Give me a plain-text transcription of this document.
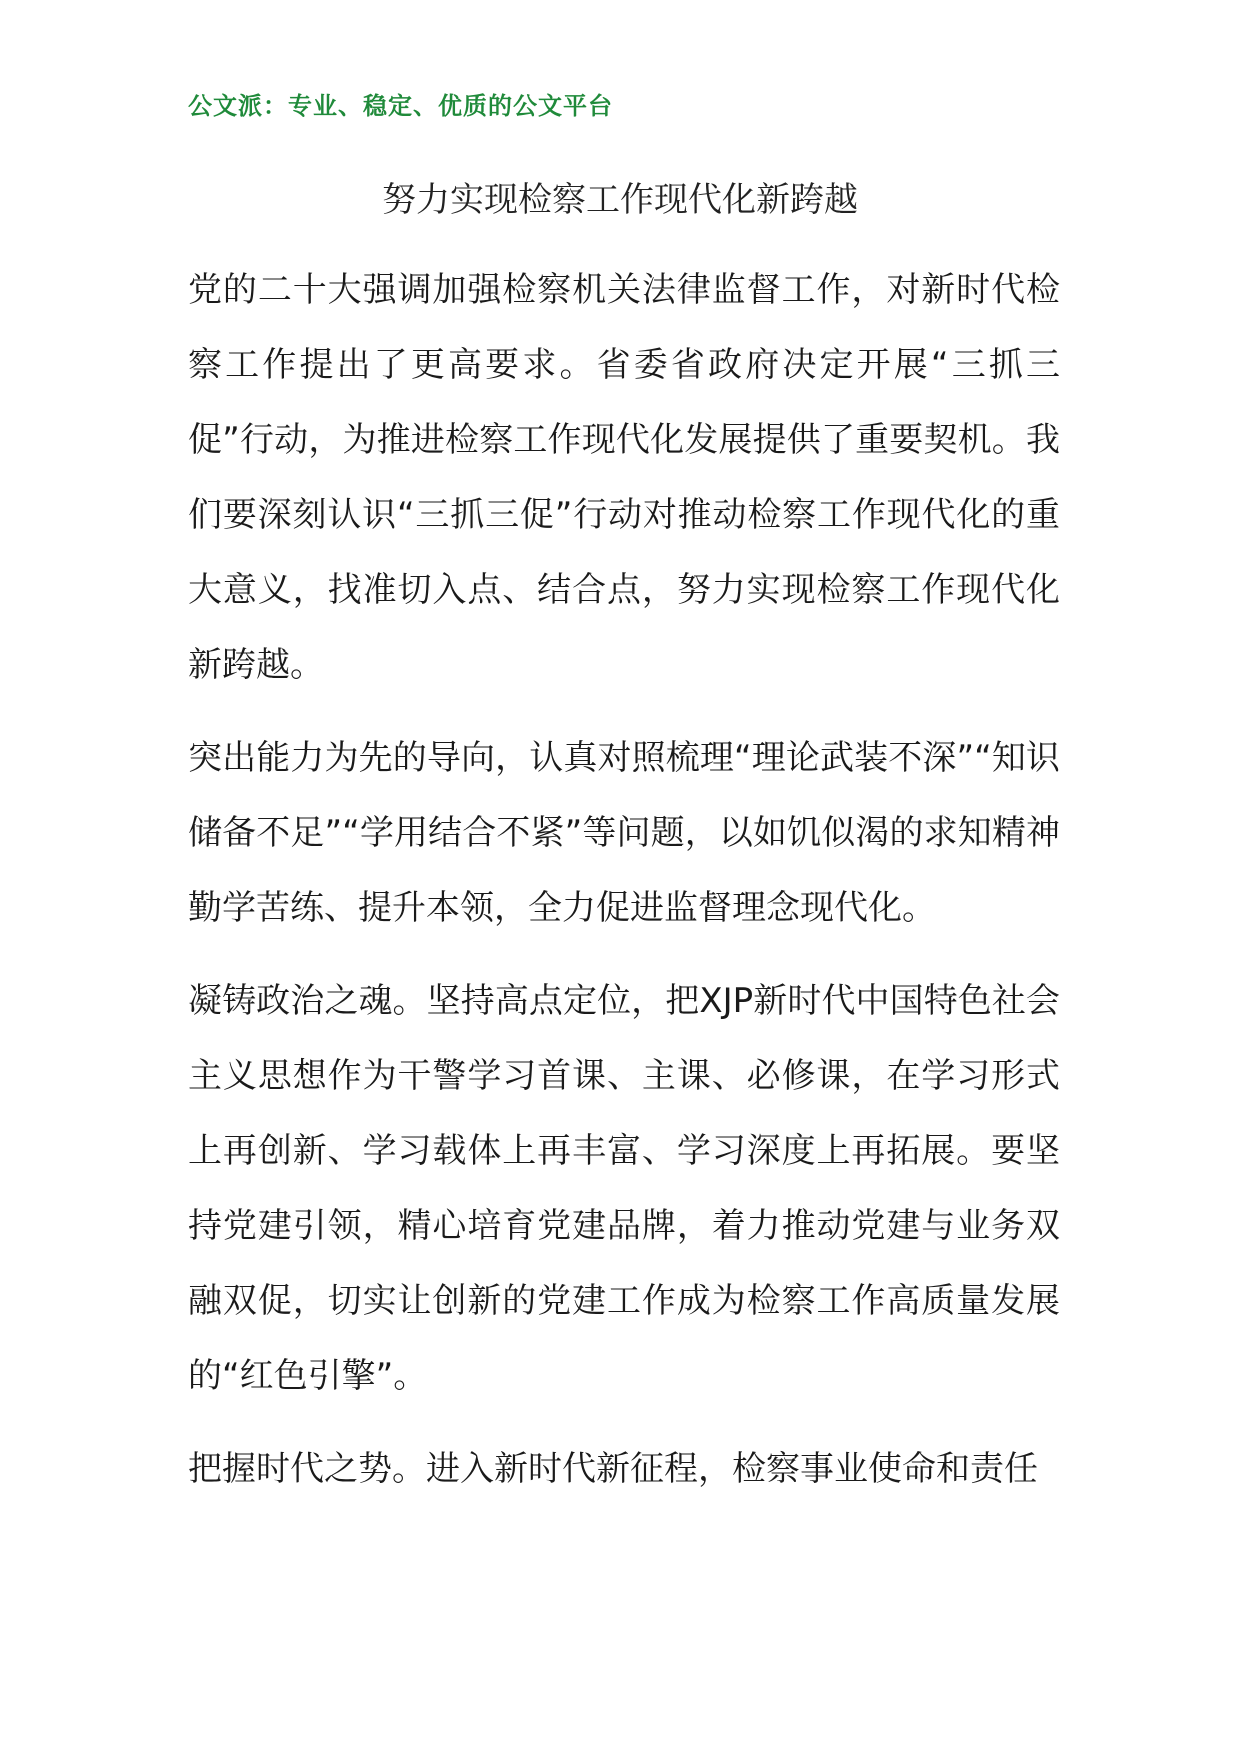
公文派：专业、稳定、优质的公文平台
努力实现检察工作现代化新跨越

党的二十大强调加强检察机关法律监督工作，对新时代检察工作提出了更高要求。省委省政府决定开展“三抓三促”行动，为推进检察工作现代化发展提供了重要契机。我们要深刻认识“三抓三促”行动对推动检察工作现代化的重大意义，找准切入点、结合点，努力实现检察工作现代化新跨越。

突出能力为先的导向，认真对照梳理“理论武装不深”“知识储备不足”“学用结合不紧”等问题，以如饥似渴的求知精神勤学苦练、提升本领，全力促进监督理念现代化。

凝铸政治之魂。坚持高点定位，把XJP新时代中国特色社会主义思想作为干警学习首课、主课、必修课，在学习形式上再创新、学习载体上再丰富、学习深度上再拓展。要坚持党建引领，精心培育党建品牌，着力推动党建与业务双融双促，切实让创新的党建工作成为检察工作高质量发展的“红色引擎”。

把握时代之势。进入新时代新征程，检察事业使命和责任
